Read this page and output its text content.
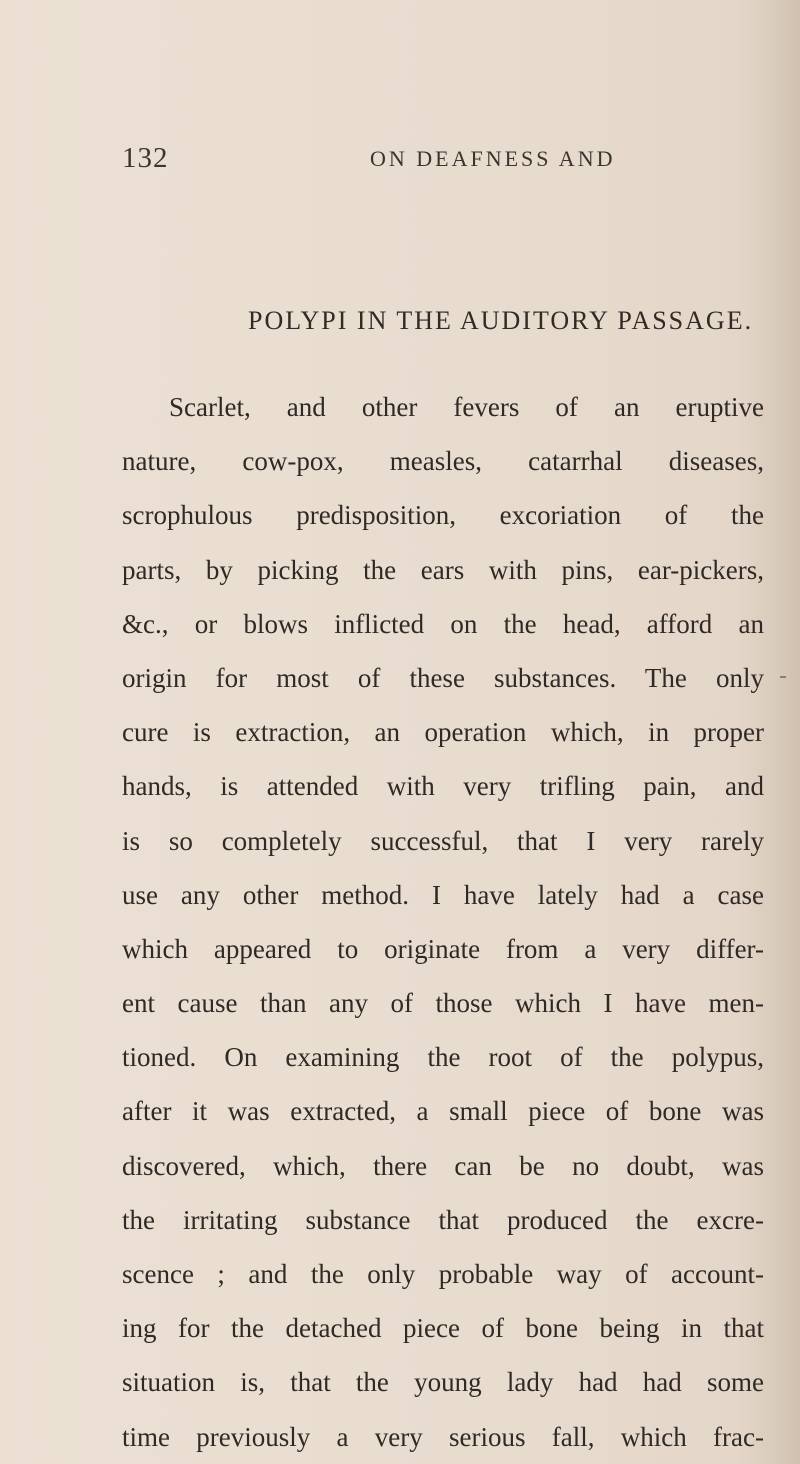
132	ON DEAFNESS AND
POLYPI IN THE AUDITORY PASSAGE.
Scarlet, and other fevers of an eruptive
nature, cow-pox, measles, catarrhal diseases,
scrophulous predisposition, excoriation of the
parts, by picking the ears with pins, ear-pickers,
&c., or blows inflicted on the head, afford an
origin for most of these substances. The only
cure is extraction, an operation which, in proper
hands, is attended with very trifling pain, and
is so completely successful, that I very rarely
use any other method. I have lately had a case
which appeared to originate from a very differ-
ent cause than any of those which I have men-
tioned. On examining the root of the polypus,
after it was extracted, a small piece of bone was
discovered, which, there can be no doubt, was
the irritating substance that produced the excre-
scence ; and the only probable way of account-
ing for the detached piece of bone being in that
situation is, that the young lady had had some
time previously a very serious fall, which frac-
